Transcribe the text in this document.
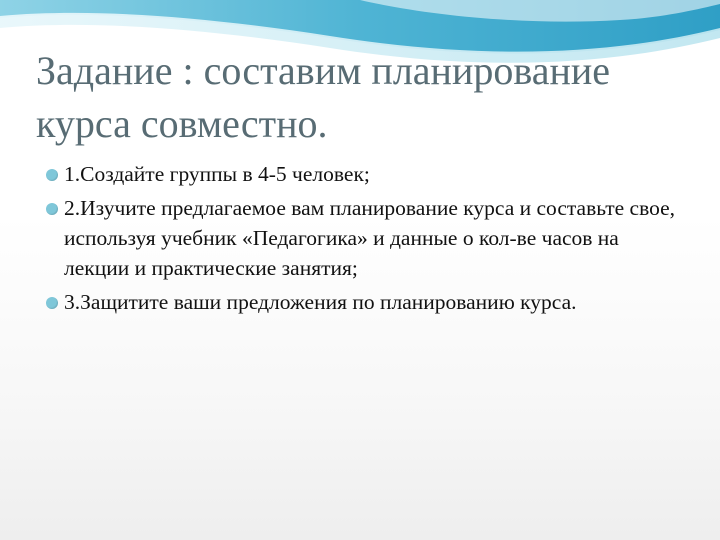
Задание : составим планирование курса совместно.
1.Создайте группы в 4-5 человек;
2.Изучите предлагаемое вам планирование курса и составьте свое, используя учебник «Педагогика» и данные о кол-ве часов на лекции и практические занятия;
3.Защитите ваши предложения по планированию курса.
